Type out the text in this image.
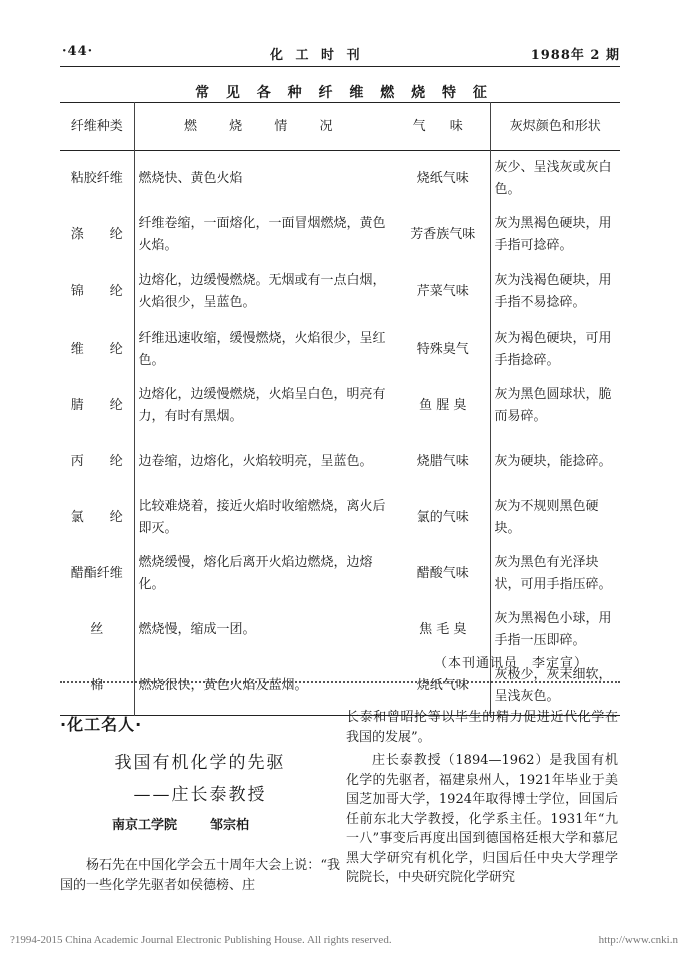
·44·	化 工 时 刊	1988年 2 期
常 见 各 种 纤 维 燃 烧 特 征
纤维种类	燃 烧 情 况	气 味	灰烬颜色和形状
粘胶纤维	燃烧快、黄色火焰	烧纸气味	灰少、呈浅灰或灰白色。
涤　　纶	纤维卷缩，一面熔化，一面冒烟燃烧，黄色火焰。	芳香族气味	灰为黑褐色硬块，用手指可捻碎。
锦　　纶	边熔化，边缓慢燃烧。无烟或有一点白烟，火焰很少，呈蓝色。	芹菜气味	灰为浅褐色硬块，用手指不易捻碎。
维　　纶	纤维迅速收缩，缓慢燃烧，火焰很少，呈红色。	特殊臭气	灰为褐色硬块，可用手指捻碎。
腈　　纶	边熔化，边缓慢燃烧，火焰呈白色，明亮有力，有时有黑烟。	鱼 腥 臭	灰为黑色圆球状，脆而易碎。
丙　　纶	边卷缩，边熔化，火焰较明亮，呈蓝色。	烧腊气味	灰为硬块，能捻碎。
氯　　纶	比较难烧着，接近火焰时收缩燃烧，离火后即灭。	氯的气味	灰为不规则黑色硬块。
醋酯纤维	燃烧缓慢，熔化后离开火焰边燃烧，边熔化。	醋酸气味	灰为黑色有光泽块状，可用手指压碎。
丝	燃烧慢，缩成一团。	焦 毛 臭	灰为黑褐色小球，用手指一压即碎。
棉	燃烧很快，黄色火焰及蓝烟。	烧纸气味	灰极少，灰末细软，呈浅灰色。
（本刊通讯员　李定宣）
·化工名人·
我国有机化学的先驱
——庄长泰教授
南京工学院	邹宗柏

杨石先在中国化学会五十周年大会上说：“我国的一些化学先驱者如侯德榜、庄

长泰和曾昭抡等以毕生的精力促进近代化学在我国的发展”。

庄长泰教授（1894—1962）是我国有机化学的先驱者，福建泉州人，1921年毕业于美国芝加哥大学，1924年取得博士学位，回国后任前东北大学教授，化学系主任。1931年“九一八”事变后再度出国到德国格廷根大学和慕尼黑大学研究有机化学，归国后任中央大学理学院院长，中央研究院化学研究

?1994-2015 China Academic Journal Electronic Publishing House. All rights reserved.	http://www.cnki.n
